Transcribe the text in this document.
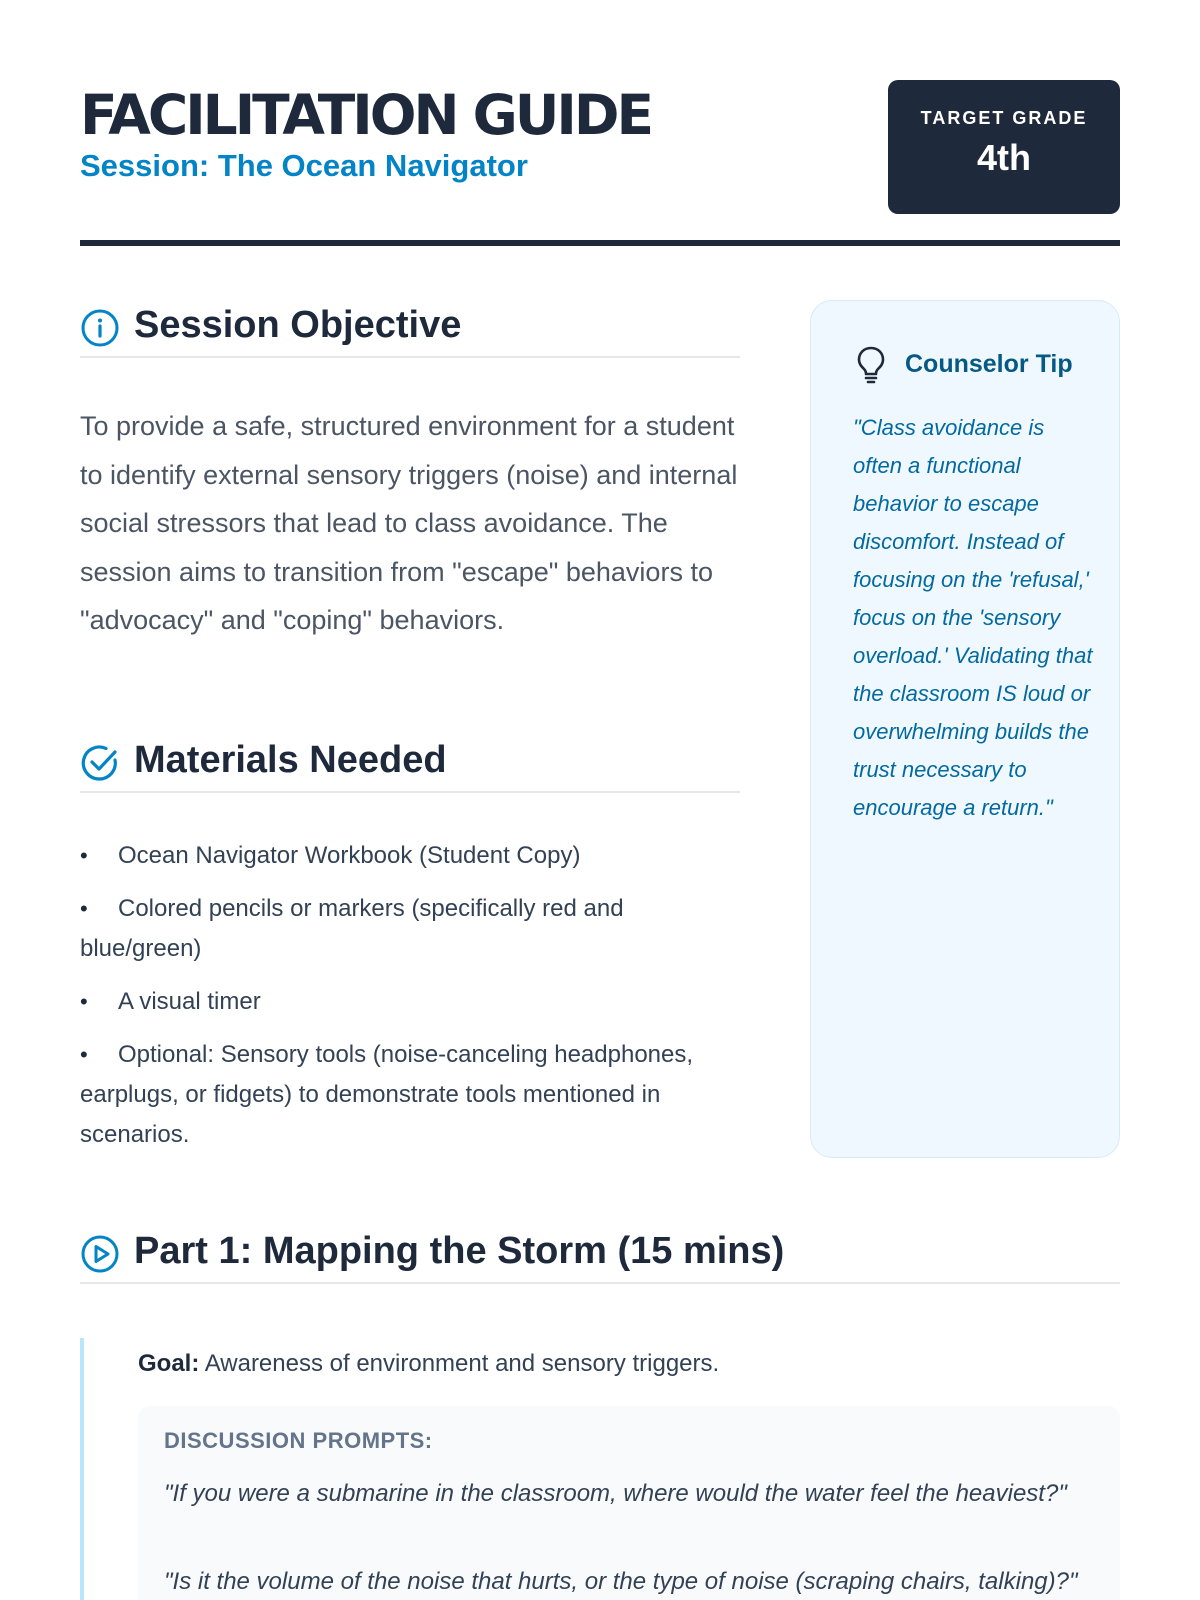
FACILITATION GUIDE
Session: The Ocean Navigator
TARGET GRADE
4th
Session Objective
To provide a safe, structured environment for a student to identify external sensory triggers (noise) and internal social stressors that lead to class avoidance. The session aims to transition from "escape" behaviors to "advocacy" and "coping" behaviors.
Materials Needed
• Ocean Navigator Workbook (Student Copy)
• Colored pencils or markers (specifically red and blue/green)
• A visual timer
• Optional: Sensory tools (noise-canceling headphones, earplugs, or fidgets) to demonstrate tools mentioned in scenarios.
Counselor Tip
"Class avoidance is often a functional behavior to escape discomfort. Instead of focusing on the 'refusal,' focus on the 'sensory overload.' Validating that the classroom IS loud or overwhelming builds the trust necessary to encourage a return."
Part 1: Mapping the Storm (15 mins)
Goal: Awareness of environment and sensory triggers.
DISCUSSION PROMPTS:
"If you were a submarine in the classroom, where would the water feel the heaviest?"
"Is it the volume of the noise that hurts, or the type of noise (scraping chairs, talking)?"
